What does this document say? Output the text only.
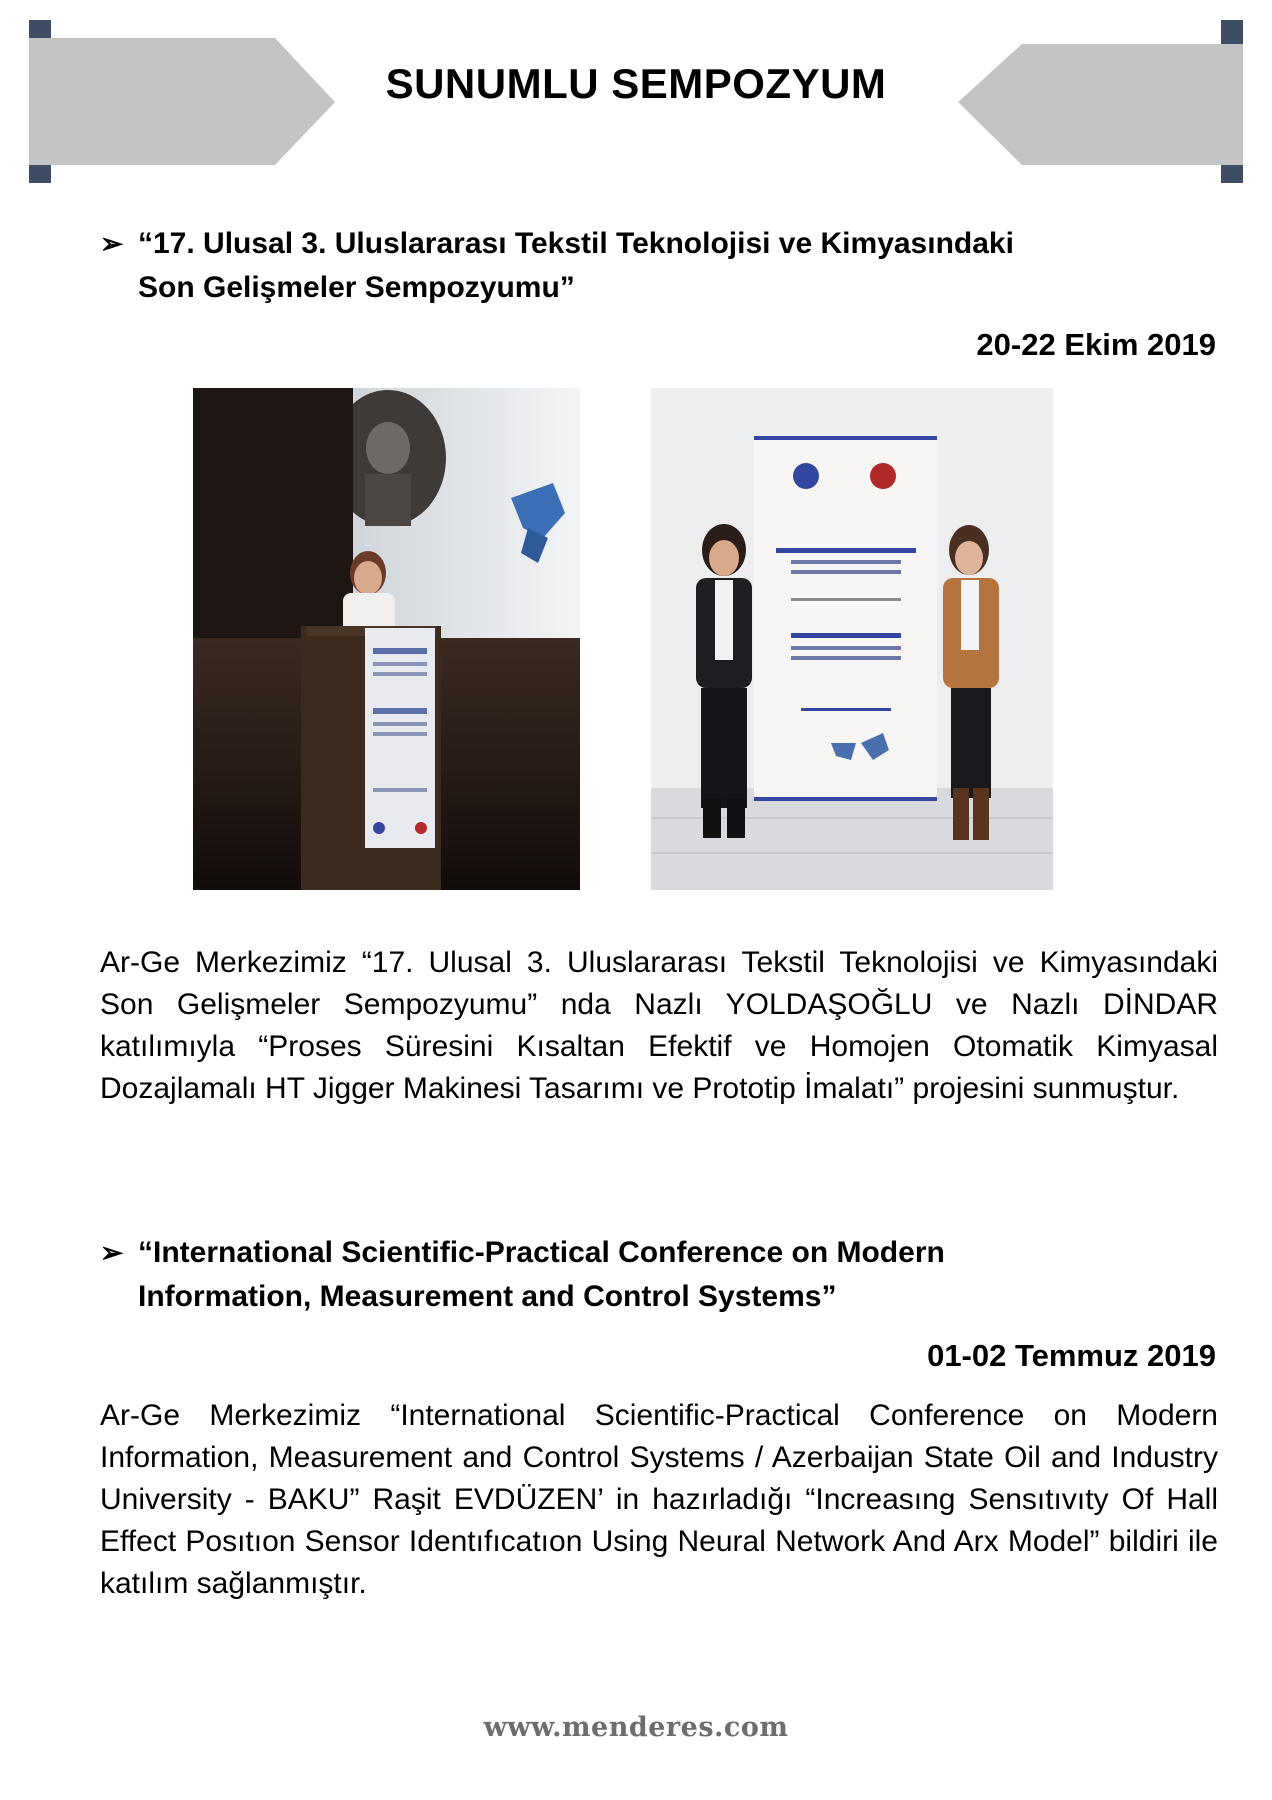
SUNUMLU SEMPOZYUM
➢ “17. Ulusal 3. Uluslararası Tekstil Teknolojisi ve Kimyasındaki
Son Gelişmeler Sempozyumu”
20-22 Ekim 2019
Ar-Ge Merkezimiz “17. Ulusal 3. Uluslararası Tekstil Teknolojisi ve Kimyasındaki Son Gelişmeler Sempozyumu” nda Nazlı YOLDAŞOĞLU ve Nazlı DİNDAR katılımıyla “Proses Süresini Kısaltan Efektif ve Homojen Otomatik Kimyasal Dozajlamalı HT Jigger Makinesi Tasarımı ve Prototip İmalatı” projesini sunmuştur.
➢ “International Scientific-Practical Conference on Modern
Information, Measurement and Control Systems”
01-02 Temmuz 2019
Ar-Ge Merkezimiz “International Scientific-Practical Conference on Modern Information, Measurement and Control Systems / Azerbaijan State Oil and Industry University - BAKU” Raşit EVDÜZEN’ in hazırladığı “Increasıng Sensıtıvıty Of Hall Effect Posıtıon Sensor Identıfıcatıon Using Neural Network And Arx Model” bildiri ile katılım sağlanmıştır.
www.menderes.com
